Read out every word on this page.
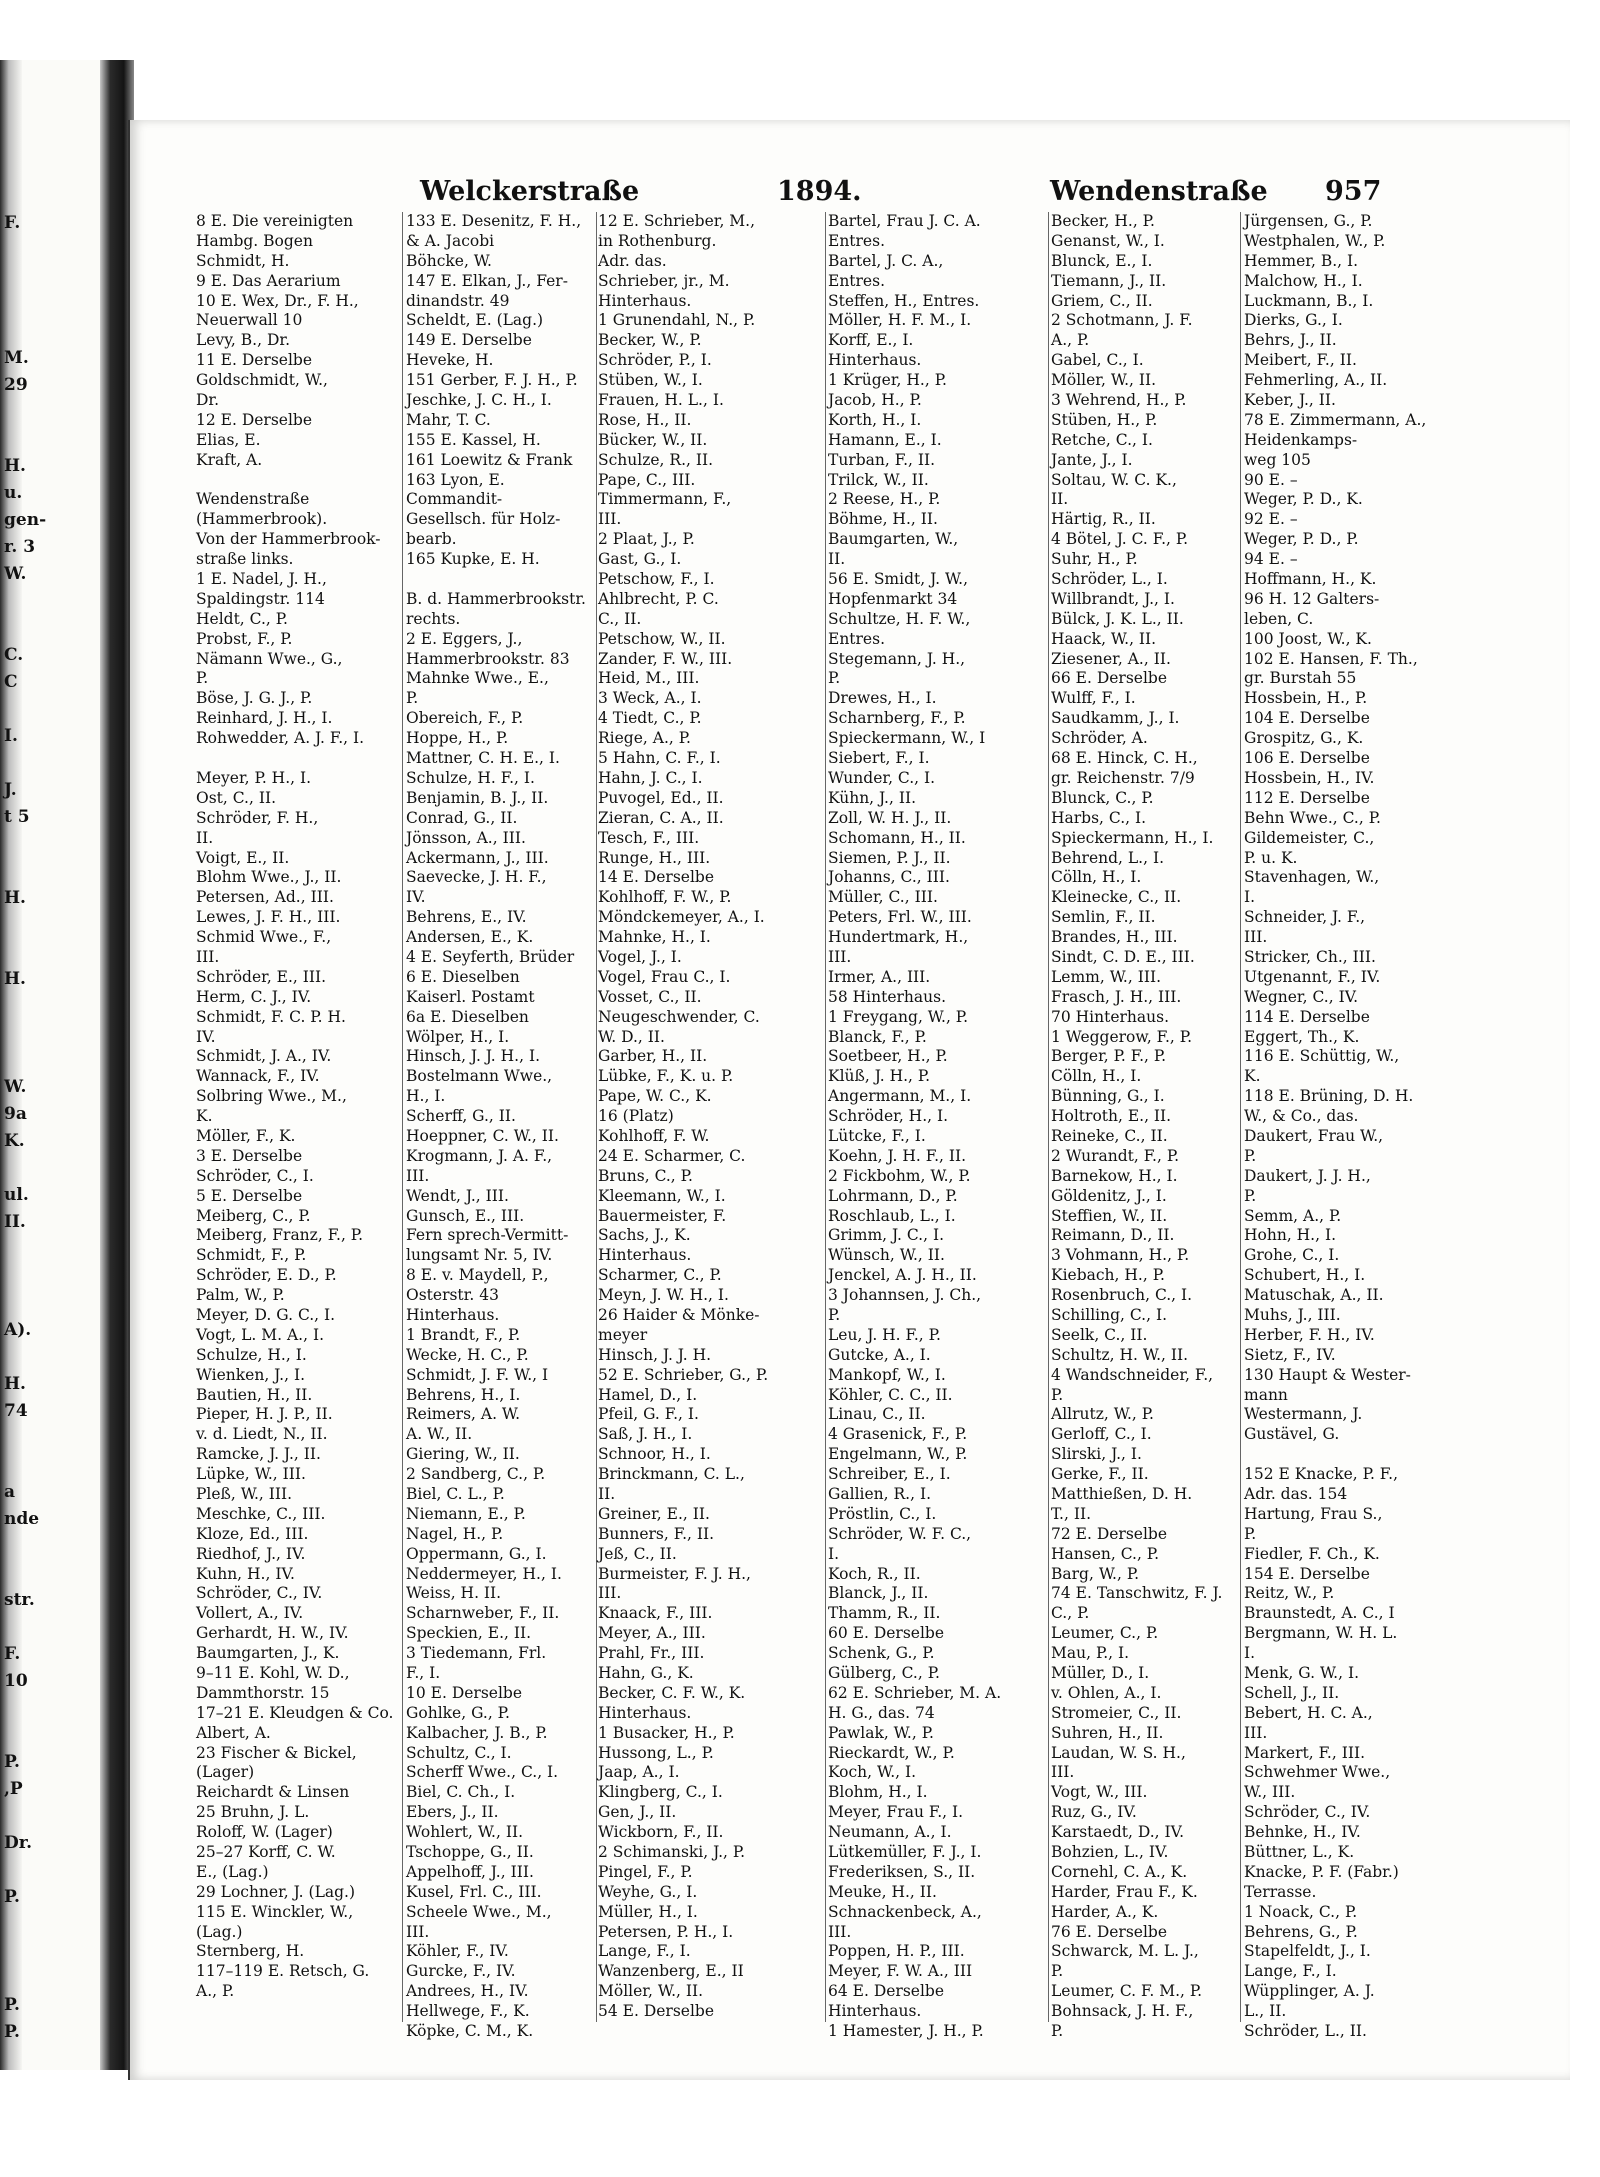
F.
M.
29
H.
u.
gen-
r. 3
W.
C.
C
I.
J.
t 5
H.
H.
W.
9a
K.
ul.
II.
A).
H.
74
a
nde
str.
F.
10
P.
,P
Dr.
P.
P.
P.
Welckerstraße	1894.	Wendenstraße 957
8 E. Die vereinigten
Hambg. Bogen
Schmidt, H.
9 E. Das Aerarium
10 E. Wex, Dr., F. H.,
Neuerwall 10
Levy, B., Dr.
11 E. Derselbe
Goldschmidt, W.,
Dr.
12 E. Derselbe
Elias, E.
Kraft, A.
Wendenstraße
(Hammerbrook).
Von der Hammerbrook-
straße links.
1 E. Nadel, J. H.,
Spaldingstr. 114
Heldt, C., P.
Probst, F., P.
Nämann Wwe., G.,
P.
Böse, J. G. J., P.
Reinhard, J. H., I.
Rohwedder, A. J. F., I.
Meyer, P. H., I.
Ost, C., II.
Schröder, F. H.,
II.
Voigt, E., II.
Blohm Wwe., J., II.
Petersen, Ad., III.
Lewes, J. F. H., III.
Schmid Wwe., F.,
III.
Schröder, E., III.
Herm, C. J., IV.
Schmidt, F. C. P. H.
IV.
Schmidt, J. A., IV.
Wannack, F., IV.
Solbring Wwe., M.,
K.
Möller, F., K.
3 E. Derselbe
Schröder, C., I.
5 E. Derselbe
Meiberg, C., P.
Meiberg, Franz, F., P.
Schmidt, F., P.
Schröder, E. D., P.
Palm, W., P.
Meyer, D. G. C., I.
Vogt, L. M. A., I.
Schulze, H., I.
Wienken, J., I.
Bautien, H., II.
Pieper, H. J. P., II.
v. d. Liedt, N., II.
Ramcke, J. J., II.
Lüpke, W., III.
Pleß, W., III.
Meschke, C., III.
Kloze, Ed., III.
Riedhof, J., IV.
Kuhn, H., IV.
Schröder, C., IV.
Vollert, A., IV.
Gerhardt, H. W., IV.
Baumgarten, J., K.
9–11 E. Kohl, W. D.,
Dammthorstr. 15
17–21 E. Kleudgen & Co.
Albert, A.
23 Fischer & Bickel,
(Lager)
Reichardt & Linsen
25 Bruhn, J. L.
Roloff, W. (Lager)
25–27 Korff, C. W.
E., (Lag.)
29 Lochner, J. (Lag.)
115 E. Winckler, W.,
(Lag.)
Sternberg, H.
117–119 E. Retsch, G.
A., P.
133 E. Desenitz, F. H.,
& A. Jacobi
Böhcke, W.
147 E. Elkan, J., Fer-
dinandstr. 49
Scheldt, E. (Lag.)
149 E. Derselbe
Heveke, H.
151 Gerber, F. J. H., P.
Jeschke, J. C. H., I.
Mahr, T. C.
155 E. Kassel, H.
161 Loewitz & Frank
163 Lyon, E.
Commandit-
Gesellsch. für Holz-
bearb.
165 Kupke, E. H.
B. d. Hammerbrookstr.
rechts.
2 E. Eggers, J.,
Hammerbrookstr. 83
Mahnke Wwe., E.,
P.
Obereich, F., P.
Hoppe, H., P.
Mattner, C. H. E., I.
Schulze, H. F., I.
Benjamin, B. J., II.
Conrad, G., II.
Jönsson, A., III.
Ackermann, J., III.
Saevecke, J. H. F.,
IV.
Behrens, E., IV.
Andersen, E., K.
4 E. Seyferth, Brüder
6 E. Dieselben
Kaiserl. Postamt
6a E. Dieselben
Wölper, H., I.
Hinsch, J. J. H., I.
Bostelmann Wwe.,
H., I.
Scherff, G., II.
Hoeppner, C. W., II.
Krogmann, J. A. F.,
III.
Wendt, J., III.
Gunsch, E., III.
Fern sprech-Vermitt-
lungsamt Nr. 5, IV.
8 E. v. Maydell, P.,
Osterstr. 43
Hinterhaus.
1 Brandt, F., P.
Wecke, H. C., P.
Schmidt, J. F. W., I
Behrens, H., I.
Reimers, A. W.
A. W., II.
Giering, W., II.
2 Sandberg, C., P.
Biel, C. L., P.
Niemann, E., P.
Nagel, H., P.
Oppermann, G., I.
Neddermeyer, H., I.
Weiss, H. II.
Scharnweber, F., II.
Speckien, E., II.
3 Tiedemann, Frl.
F., I.
10 E. Derselbe
Gohlke, G., P.
Kalbacher, J. B., P.
Schultz, C., I.
Scherff Wwe., C., I.
Biel, C. Ch., I.
Ebers, J., II.
Wohlert, W., II.
Tschoppe, G., II.
Appelhoff, J., III.
Kusel, Frl. C., III.
Scheele Wwe., M.,
III.
Köhler, F., IV.
Gurcke, F., IV.
Andrees, H., IV.
Hellwege, F., K.
Köpke, C. M., K.
12 E. Schrieber, M.,
in Rothenburg.
Adr. das.
Schrieber, jr., M.
Hinterhaus.
1 Grunendahl, N., P.
Becker, W., P.
Schröder, P., I.
Stüben, W., I.
Frauen, H. L., I.
Rose, H., II.
Bücker, W., II.
Schulze, R., II.
Pape, C., III.
Timmermann, F.,
III.
2 Plaat, J., P.
Gast, G., I.
Petschow, F., I.
Ahlbrecht, P. C.
C., II.
Petschow, W., II.
Zander, F. W., III.
Heid, M., III.
3 Weck, A., I.
4 Tiedt, C., P.
Riege, A., P.
5 Hahn, C. F., I.
Hahn, J. C., I.
Puvogel, Ed., II.
Zieran, C. A., II.
Tesch, F., III.
Runge, H., III.
14 E. Derselbe
Kohlhoff, F. W., P.
Möndckemeyer, A., I.
Mahnke, H., I.
Vogel, J., I.
Vogel, Frau C., I.
Vosset, C., II.
Neugeschwender, C.
W. D., II.
Garber, H., II.
Lübke, F., K. u. P.
Pape, W. C., K.
16 (Platz)
Kohlhoff, F. W.
24 E. Scharmer, C.
Bruns, C., P.
Kleemann, W., I.
Bauermeister, F.
Sachs, J., K.
Hinterhaus.
Scharmer, C., P.
Meyn, J. W. H., I.
26 Haider & Mönke-
meyer
Hinsch, J. J. H.
52 E. Schrieber, G., P.
Hamel, D., I.
Pfeil, G. F., I.
Saß, J. H., I.
Schnoor, H., I.
Brinckmann, C. L.,
II.
Greiner, E., II.
Bunners, F., II.
Jeß, C., II.
Burmeister, F. J. H.,
III.
Knaack, F., III.
Meyer, A., III.
Prahl, Fr., III.
Hahn, G., K.
Becker, C. F. W., K.
Hinterhaus.
1 Busacker, H., P.
Hussong, L., P.
Jaap, A., I.
Klingberg, C., I.
Gen, J., II.
Wickborn, F., II.
2 Schimanski, J., P.
Pingel, F., P.
Weyhe, G., I.
Müller, H., I.
Petersen, P. H., I.
Lange, F., I.
Wanzenberg, E., II
Möller, W., II.
54 E. Derselbe
Bartel, Frau J. C. A.
Entres.
Bartel, J. C. A.,
Entres.
Steffen, H., Entres.
Möller, H. F. M., I.
Korff, E., I.
Hinterhaus.
1 Krüger, H., P.
Jacob, H., P.
Korth, H., I.
Hamann, E., I.
Turban, F., II.
Trilck, W., II.
2 Reese, H., P.
Böhme, H., II.
Baumgarten, W.,
II.
56 E. Smidt, J. W.,
Hopfenmarkt 34
Schultze, H. F. W.,
Entres.
Stegemann, J. H.,
P.
Drewes, H., I.
Scharnberg, F., P.
Spieckermann, W., I
Siebert, F., I.
Wunder, C., I.
Kühn, J., II.
Zoll, W. H. J., II.
Schomann, H., II.
Siemen, P. J., II.
Johanns, C., III.
Müller, C., III.
Peters, Frl. W., III.
Hundertmark, H.,
III.
Irmer, A., III.
58 Hinterhaus.
1 Freygang, W., P.
Blanck, F., P.
Soetbeer, H., P.
Klüß, J. H., P.
Angermann, M., I.
Schröder, H., I.
Lütcke, F., I.
Koehn, J. H. F., II.
2 Fickbohm, W., P.
Lohrmann, D., P.
Roschlaub, L., I.
Grimm, J. C., I.
Wünsch, W., II.
Jenckel, A. J. H., II.
3 Johannsen, J. Ch.,
P.
Leu, J. H. F., P.
Gutcke, A., I.
Mankopf, W., I.
Köhler, C. C., II.
Linau, C., II.
4 Grasenick, F., P.
Engelmann, W., P.
Schreiber, E., I.
Gallien, R., I.
Pröstlin, C., I.
Schröder, W. F. C.,
I.
Koch, R., II.
Blanck, J., II.
Thamm, R., II.
60 E. Derselbe
Schenk, G., P.
Gülberg, C., P.
62 E. Schrieber, M. A.
H. G., das. 74
Pawlak, W., P.
Rieckardt, W., P.
Koch, W., I.
Blohm, H., I.
Meyer, Frau F., I.
Neumann, A., I.
Lütkemüller, F. J., I.
Frederiksen, S., II.
Meuke, H., II.
Schnackenbeck, A.,
III.
Poppen, H. P., III.
Meyer, F. W. A., III
64 E. Derselbe
Hinterhaus.
1 Hamester, J. H., P.
Becker, H., P.
Genanst, W., I.
Blunck, E., I.
Tiemann, J., II.
Griem, C., II.
2 Schotmann, J. F.
A., P.
Gabel, C., I.
Möller, W., II.
3 Wehrend, H., P.
Stüben, H., P.
Retche, C., I.
Jante, J., I.
Soltau, W. C. K.,
II.
Härtig, R., II.
4 Bötel, J. C. F., P.
Suhr, H., P.
Schröder, L., I.
Willbrandt, J., I.
Bülck, J. K. L., II.
Haack, W., II.
Ziesener, A., II.
66 E. Derselbe
Wulff, F., I.
Saudkamm, J., I.
Schröder, A.
68 E. Hinck, C. H.,
gr. Reichenstr. 7/9
Blunck, C., P.
Harbs, C., I.
Spieckermann, H., I.
Behrend, L., I.
Cölln, H., I.
Kleinecke, C., II.
Semlin, F., II.
Brandes, H., III.
Sindt, C. D. E., III.
Lemm, W., III.
Frasch, J. H., III.
70 Hinterhaus.
1 Weggerow, F., P.
Berger, P. F., P.
Cölln, H., I.
Bünning, G., I.
Holtroth, E., II.
Reineke, C., II.
2 Wurandt, F., P.
Barnekow, H., I.
Göldenitz, J., I.
Steffien, W., II.
Reimann, D., II.
3 Vohmann, H., P.
Kiebach, H., P.
Rosenbruch, C., I.
Schilling, C., I.
Seelk, C., II.
Schultz, H. W., II.
4 Wandschneider, F.,
P.
Allrutz, W., P.
Gerloff, C., I.
Slirski, J., I.
Gerke, F., II.
Matthießen, D. H.
T., II.
72 E. Derselbe
Hansen, C., P.
Barg, W., P.
74 E. Tanschwitz, F. J.
C., P.
Leumer, C., P.
Mau, P., I.
Müller, D., I.
v. Ohlen, A., I.
Stromeier, C., II.
Suhren, H., II.
Laudan, W. S. H.,
III.
Vogt, W., III.
Ruz, G., IV.
Karstaedt, D., IV.
Bohzien, L., IV.
Cornehl, C. A., K.
Harder, Frau F., K.
Harder, A., K.
76 E. Derselbe
Schwarck, M. L. J.,
P.
Leumer, C. F. M., P.
Bohnsack, J. H. F.,
P.
Jürgensen, G., P.
Westphalen, W., P.
Hemmer, B., I.
Malchow, H., I.
Luckmann, B., I.
Dierks, G., I.
Behrs, J., II.
Meibert, F., II.
Fehmerling, A., II.
Keber, J., II.
78 E. Zimmermann, A.,
Heidenkamps-
weg 105
90 E. –
Weger, P. D., K.
92 E. –
Weger, P. D., P.
94 E. –
Hoffmann, H., K.
96 H. 12 Galters-
leben, C.
100 Joost, W., K.
102 E. Hansen, F. Th.,
gr. Burstah 55
Hossbein, H., P.
104 E. Derselbe
Grospitz, G., K.
106 E. Derselbe
Hossbein, H., IV.
112 E. Derselbe
Behn Wwe., C., P.
Gildemeister, C.,
P. u. K.
Stavenhagen, W.,
I.
Schneider, J. F.,
III.
Stricker, Ch., III.
Utgenannt, F., IV.
Wegner, C., IV.
114 E. Derselbe
Eggert, Th., K.
116 E. Schüttig, W.,
K.
118 E. Brüning, D. H.
W., & Co., das.
Daukert, Frau W.,
P.
Daukert, J. J. H.,
P.
Semm, A., P.
Hohn, H., I.
Grohe, C., I.
Schubert, H., I.
Matuschak, A., II.
Muhs, J., III.
Herber, F. H., IV.
Sietz, F., IV.
130 Haupt & Wester-
mann
Westermann, J.
Gustävel, G.
152 E Knacke, P. F.,
Adr. das. 154
Hartung, Frau S.,
P.
Fiedler, F. Ch., K.
154 E. Derselbe
Reitz, W., P.
Braunstedt, A. C., I
Bergmann, W. H. L.
I.
Menk, G. W., I.
Schell, J., II.
Bebert, H. C. A.,
III.
Markert, F., III.
Schwehmer Wwe.,
W., III.
Schröder, C., IV.
Behnke, H., IV.
Büttner, L., K.
Knacke, P. F. (Fabr.)
Terrasse.
1 Noack, C., P.
Behrens, G., P.
Stapelfeldt, J., I.
Lange, F., I.
Wüpplinger, A. J.
L., II.
Schröder, L., II.
